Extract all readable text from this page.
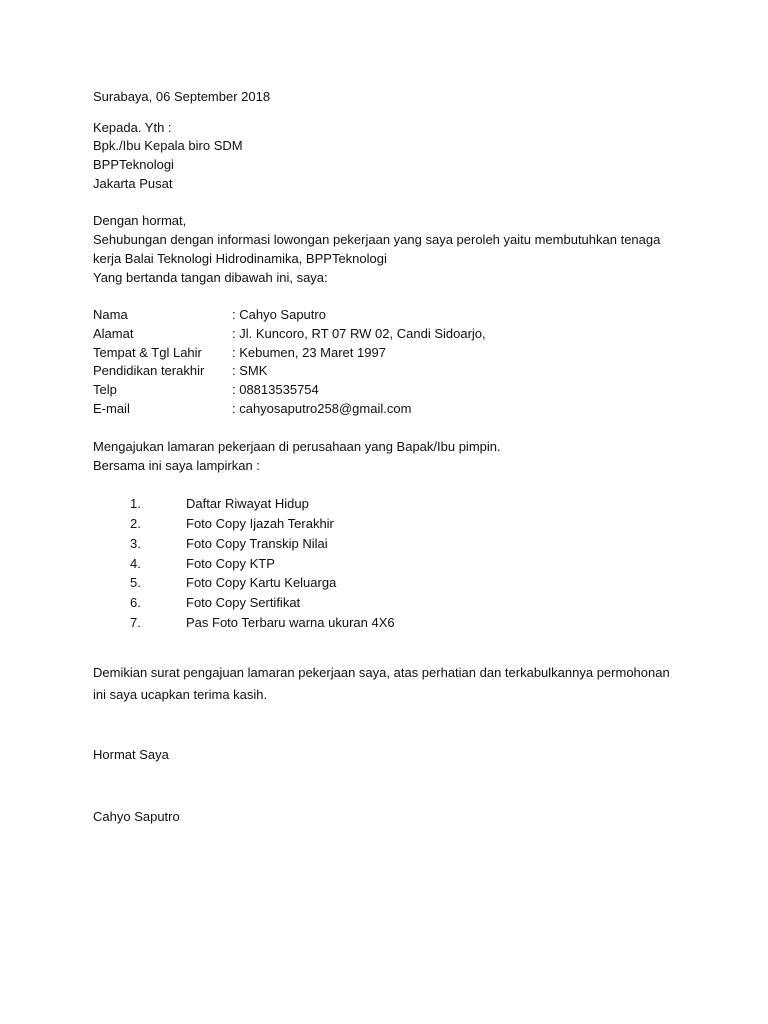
Surabaya, 06 September 2018
Kepada. Yth :
Bpk./Ibu Kepala biro SDM
BPPTeknologi
Jakarta Pusat
Dengan hormat,
Sehubungan dengan informasi lowongan pekerjaan yang saya peroleh yaitu membutuhkan tenaga
kerja Balai Teknologi Hidrodinamika, BPPTeknologi
Yang bertanda tangan dibawah ini, saya:
Nama	: Cahyo Saputro
Alamat	: Jl. Kuncoro, RT 07 RW 02, Candi Sidoarjo,
Tempat & Tgl Lahir : Kebumen, 23 Maret 1997
Pendidikan terakhir : SMK
Telp	: 08813535754
E-mail	: cahyosaputro258@gmail.com
Mengajukan lamaran pekerjaan di perusahaan yang Bapak/Ibu pimpin.
Bersama ini saya lampirkan :
1.	Daftar Riwayat Hidup
2.	Foto Copy Ijazah Terakhir
3.	Foto Copy Transkip Nilai
4.	Foto Copy KTP
5.	Foto Copy Kartu Keluarga
6.	Foto Copy Sertifikat
7.	Pas Foto Terbaru warna ukuran 4X6
Demikian surat pengajuan lamaran pekerjaan saya, atas perhatian dan terkabulkannya permohonan
ini saya ucapkan terima kasih.
Hormat Saya
Cahyo Saputro
